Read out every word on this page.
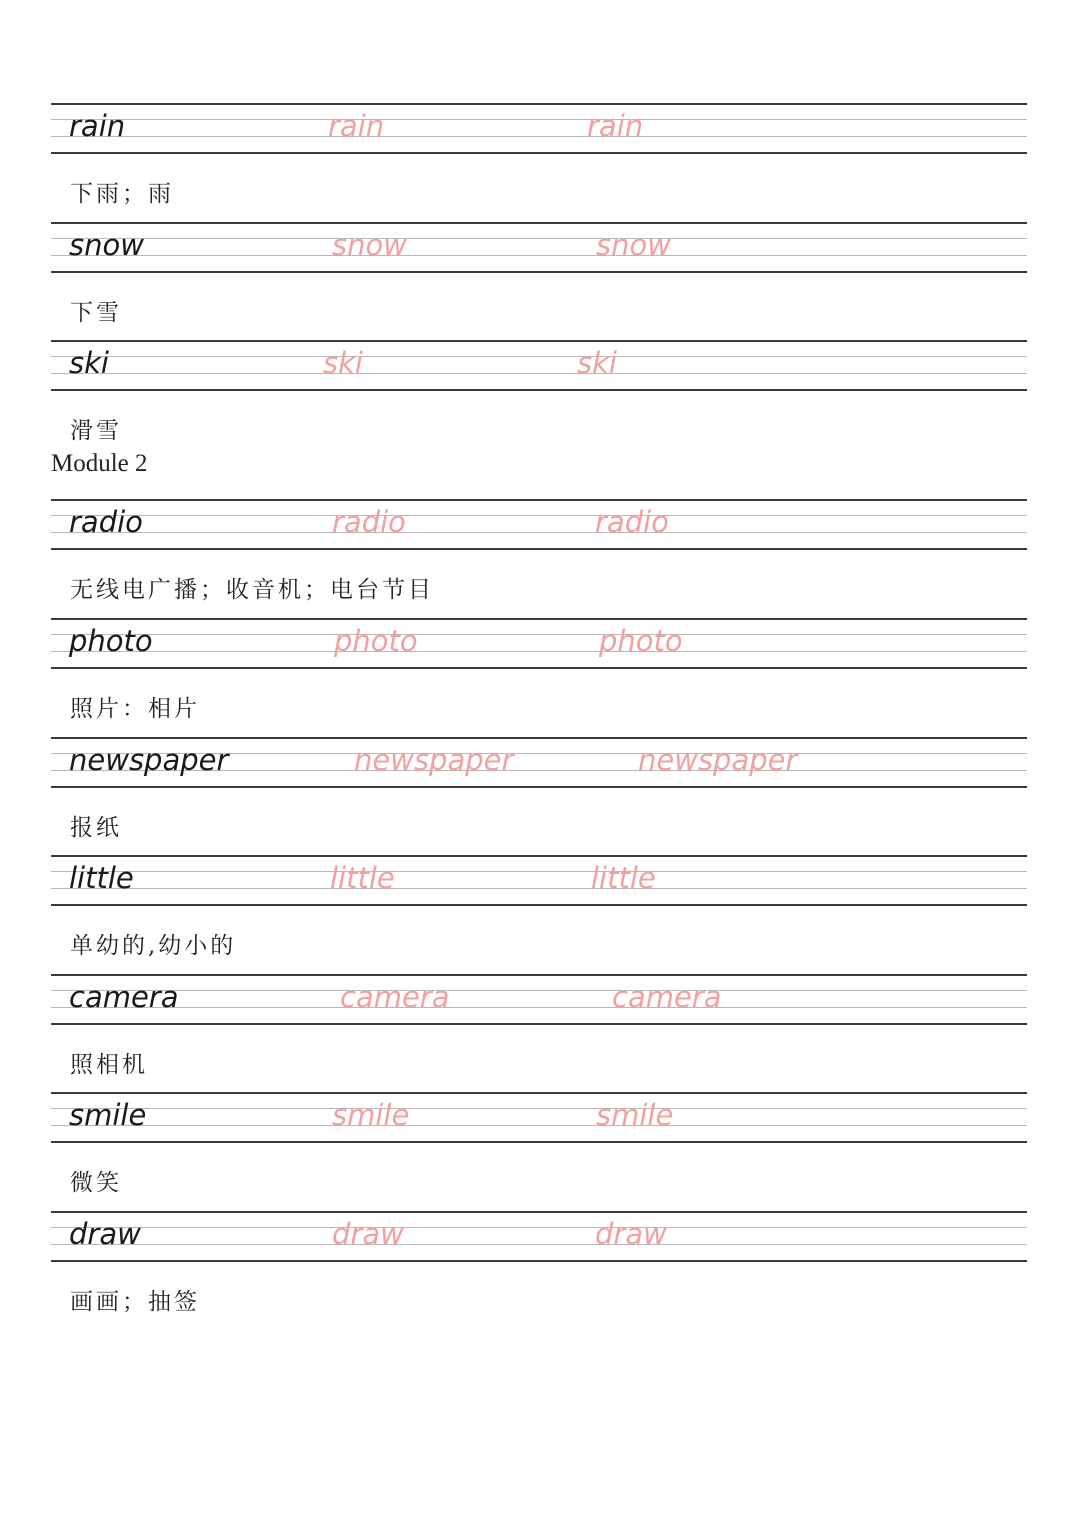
rain	rain	rain
下雨；雨
snow	snow	snow
下雪
ski	ski	ski
滑雪
Module 2
radio	radio	radio
无线电广播；收音机；电台节目
photo	photo	photo
照片：相片
newspaper	newspaper	newspaper
报纸
little	little	little
单幼的,幼小的
camera	camera	camera
照相机
smile	smile	smile
微笑
draw	draw	draw
画画；抽签
